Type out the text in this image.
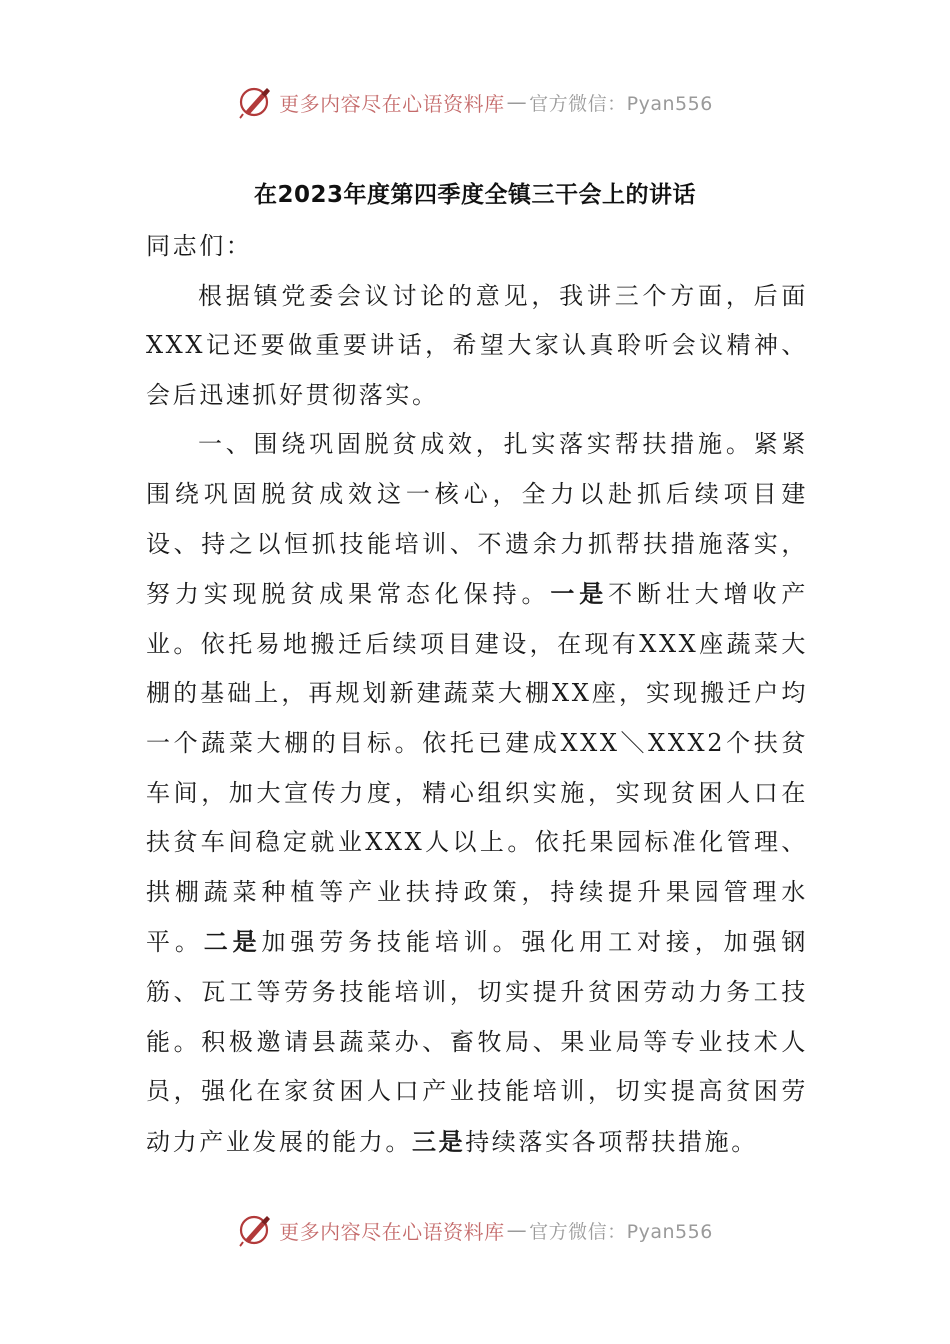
更多内容尽在心语资料库 — 官方微信：Pyan556
在2023年度第四季度全镇三干会上的讲话

同志们：

根据镇党委会议讨论的意见，我讲三个方面，后面XXX记还要做重要讲话，希望大家认真聆听会议精神、会后迅速抓好贯彻落实。

一、围绕巩固脱贫成效，扎实落实帮扶措施。紧紧围绕巩固脱贫成效这一核心，全力以赴抓后续项目建设、持之以恒抓技能培训、不遗余力抓帮扶措施落实，努力实现脱贫成果常态化保持。一是不断壮大增收产业。依托易地搬迁后续项目建设，在现有XXX座蔬菜大棚的基础上，再规划新建蔬菜大棚XX座，实现搬迁户均一个蔬菜大棚的目标。依托已建成XXX＼XXX2个扶贫车间，加大宣传力度，精心组织实施，实现贫困人口在扶贫车间稳定就业XXX人以上。依托果园标准化管理、拱棚蔬菜种植等产业扶持政策，持续提升果园管理水平。二是加强劳务技能培训。强化用工对接，加强钢筋、瓦工等劳务技能培训，切实提升贫困劳动力务工技能。积极邀请县蔬菜办、畜牧局、果业局等专业技术人员，强化在家贫困人口产业技能培训，切实提高贫困劳动力产业发展的能力。三是持续落实各项帮扶措施。

更多内容尽在心语资料库 — 官方微信：Pyan556
